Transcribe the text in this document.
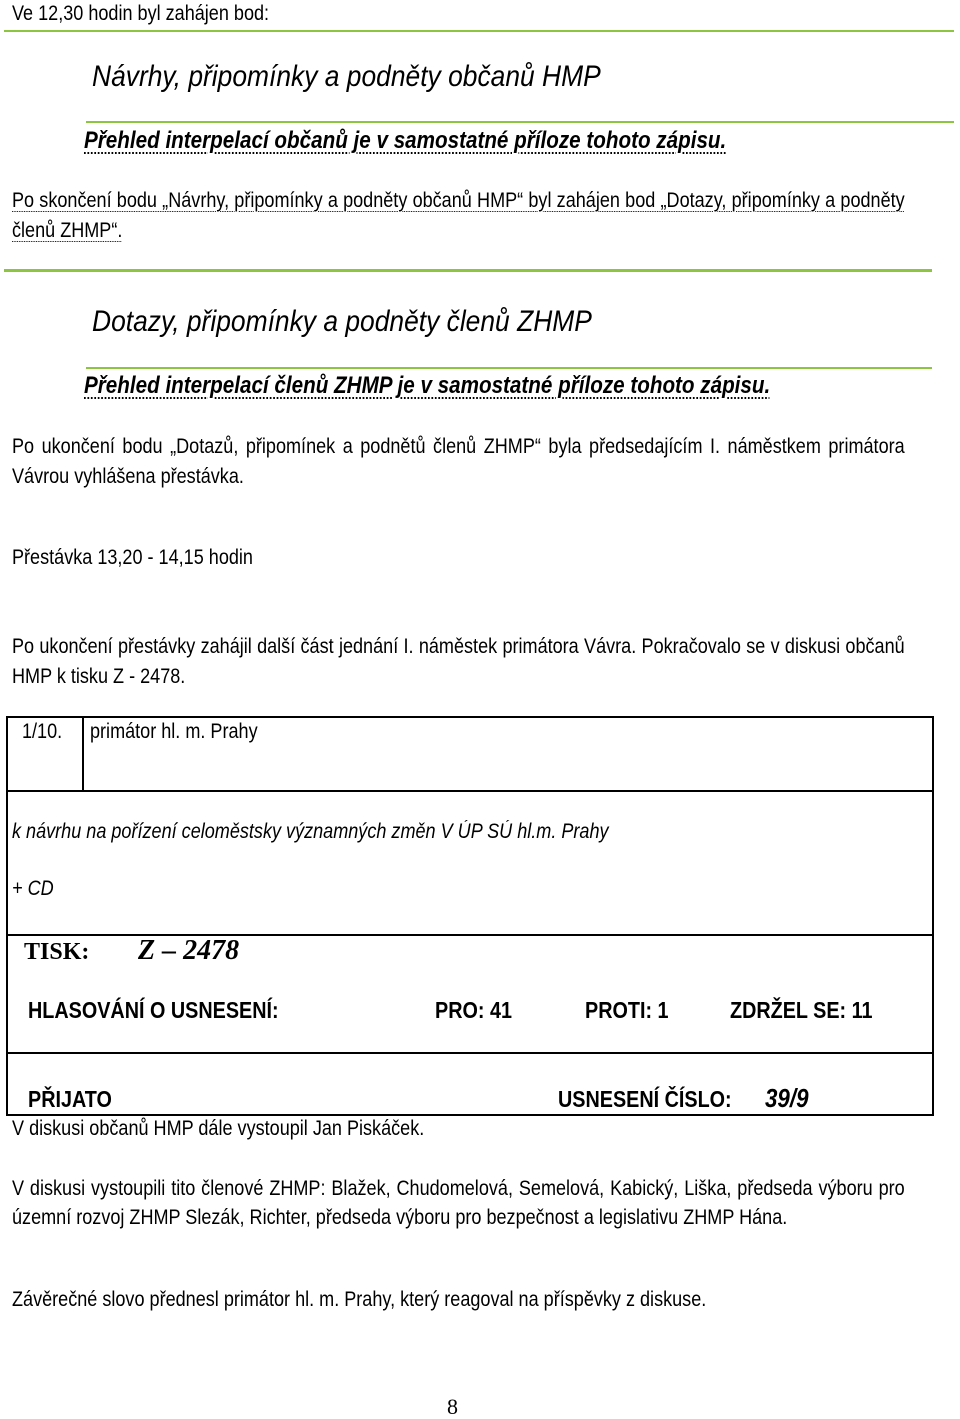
Ve 12,30 hodin byl zahájen bod:
Návrhy, připomínky a podněty občanů HMP
Přehled interpelací občanů je v samostatné příloze tohoto zápisu.
Po skončení bodu „Návrhy, připomínky a podněty občanů HMP“ byl zahájen bod „Dotazy, připomínky a podněty členů ZHMP“.
Dotazy, připomínky a podněty členů ZHMP
Přehled interpelací členů ZHMP je v samostatné příloze tohoto zápisu.
Po ukončení bodu „Dotazů, připomínek a podnětů členů ZHMP“ byla předsedajícím I. náměstkem primátora Vávrou vyhlášena přestávka.
Přestávka 13,20 - 14,15 hodin
Po ukončení přestávky zahájil další část jednání I. náměstek primátora Vávra. Pokračovalo se v diskusi občanů HMP k tisku Z - 2478.
1/10. primátor hl. m. Prahy
k návrhu na pořízení celoměstsky významných změn V ÚP SÚ hl.m. Prahy
+ CD
TISK: Z – 2478
HLASOVÁNÍ O USNESENÍ:	PRO: 41	PROTI: 1	ZDRŽEL SE: 11
PŘIJATO	USNESENÍ ČÍSLO: 39/9
V diskusi občanů HMP dále vystoupil Jan Piskáček.
V diskusi vystoupili tito členové ZHMP: Blažek, Chudomelová, Semelová, Kabický, Liška, předseda výboru pro územní rozvoj ZHMP Slezák, Richter, předseda výboru pro bezpečnost a legislativu ZHMP Hána.
Závěrečné slovo přednesl primátor hl. m. Prahy, který reagoval na příspěvky z diskuse.
8
